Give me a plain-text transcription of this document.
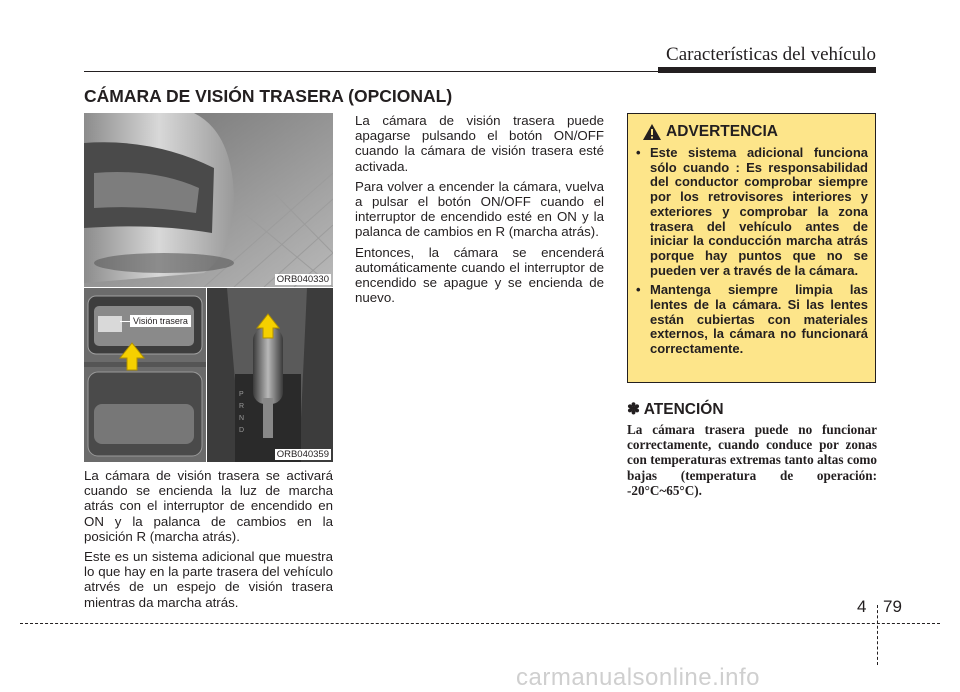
Características del vehículo
CÁMARA DE VISIÓN TRASERA (OPCIONAL)
ORB040330
Visión trasera
P
R
N
D
ORB040359

La cámara de visión trasera se activará cuando se encienda la luz de marcha atrás con el interruptor de encendido en ON y la palanca de cambios en la posición R (marcha atrás).

Este es un sistema adicional que muestra lo que hay en la parte trasera del vehículo atrvés de un espejo de visión trasera mientras da marcha atrás.

La cámara de visión trasera puede apagarse pulsando el botón ON/OFF cuando la cámara de visión trasera esté activada.

Para volver a encender la cámara, vuelva a pulsar el botón ON/OFF cuando el interruptor de encendido esté en ON y la palanca de cambios en R (marcha atrás).

Entonces, la cámara se encenderá automáticamente cuando el interruptor de encendido se apague y se encienda de nuevo.

ADVERTENCIA
• Este sistema adicional funciona sólo cuando : Es responsabilidad del conductor comprobar siempre por los retrovisores interiores y exteriores y comprobar la zona trasera del vehículo antes de iniciar la conducción marcha atrás porque hay puntos que no se pueden ver a través de la cámara.
• Mantenga siempre limpia las lentes de la cámara. Si las lentes están cubiertas con materiales externos, la cámara no funcionará correctamente.
✽ ATENCIÓN
La cámara trasera puede no funcionar correctamente, cuando conduce por zonas con temperaturas extremas tanto altas como bajas (temperatura de operación: -20°C~65°C).
4 79
carmanualsonline.info
